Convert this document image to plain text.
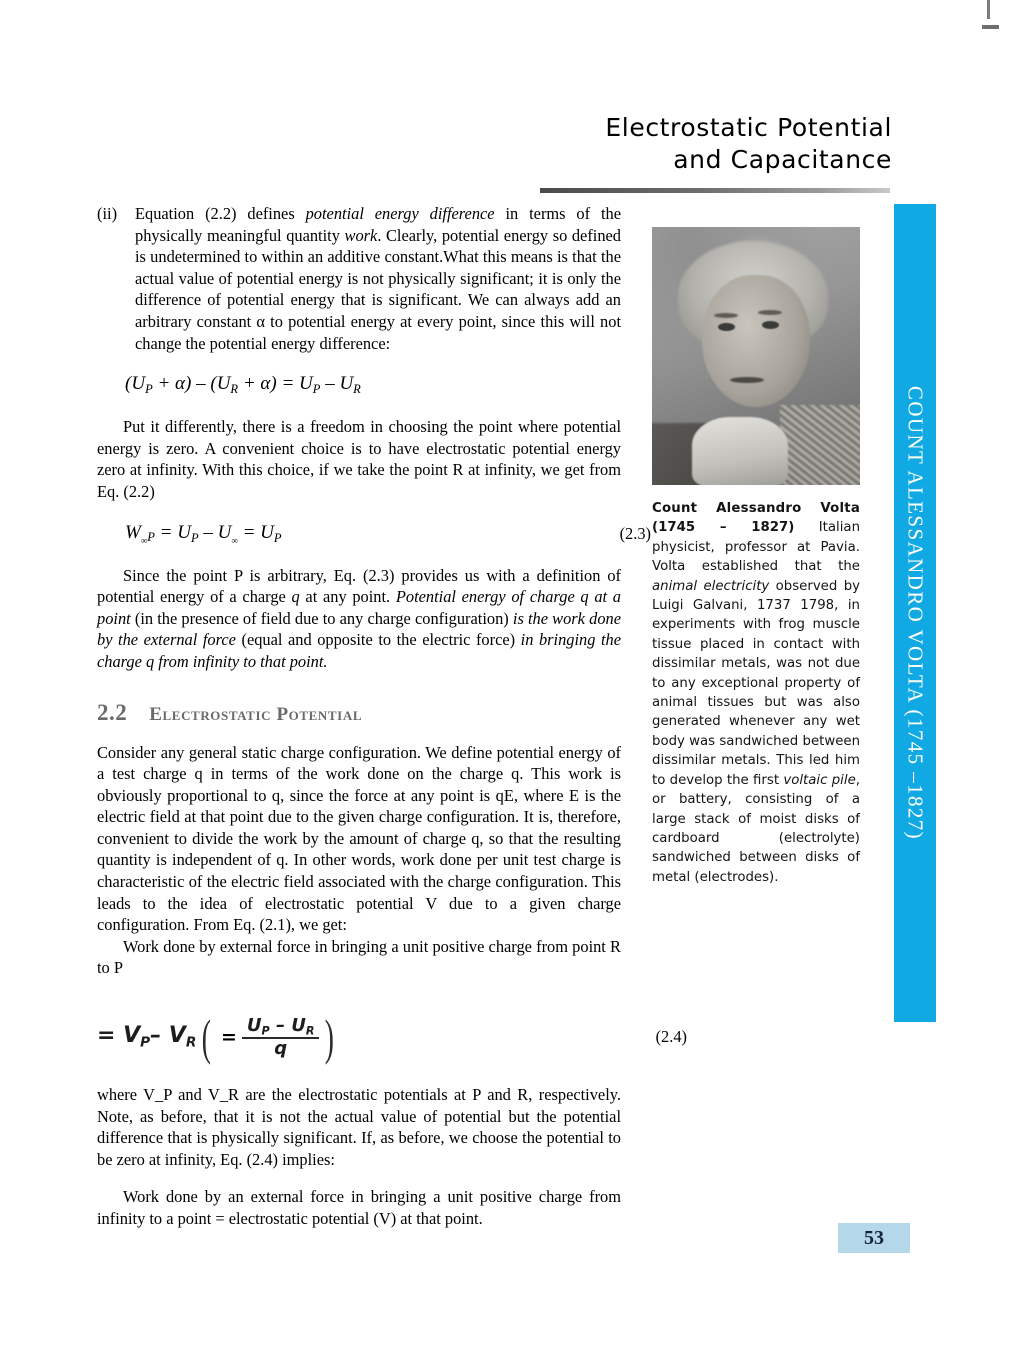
Electrostatic Potential
and Capacitance
(ii)	Equation (2.2) defines potential energy difference in terms of the physically meaningful quantity work. Clearly, potential energy so defined is undetermined to within an additive constant.What this means is that the actual value of potential energy is not physically significant; it is only the difference of potential energy that is significant. We can always add an arbitrary constant α to potential energy at every point, since this will not change the potential energy difference:
$(U_P + \alpha) - (U_R + \alpha) = U_P - U_R$
Put it differently, there is a freedom in choosing the point where potential energy is zero. A convenient choice is to have electrostatic potential energy zero at infinity. With this choice, if we take the point R at infinity, we get from Eq. (2.2)
$W_{\infty P} = U_P - U_\infty = U_P$	(2.3)
Since the point P is arbitrary, Eq. (2.3) provides us with a definition of potential energy of a charge q at any point. Potential energy of charge q at a point (in the presence of field due to any charge configuration) is the work done by the external force (equal and opposite to the electric force) in bringing the charge q from infinity to that point.
2.2 Electrostatic Potential
Consider any general static charge configuration. We define potential energy of a test charge q in terms of the work done on the charge q. This work is obviously proportional to q, since the force at any point is qE, where E is the electric field at that point due to the given charge configuration. It is, therefore, convenient to divide the work by the amount of charge q, so that the resulting quantity is independent of q. In other words, work done per unit test charge is characteristic of the electric field associated with the charge configuration. This leads to the idea of electrostatic potential V due to a given charge configuration. From Eq. (2.1), we get:
Work done by external force in bringing a unit positive charge from point R to P
= $V_P-$ $V_R$ ( = $\frac{U_P - U_R}{q}$ )	(2.4)
where V_P and V_R are the electrostatic potentials at P and R, respectively. Note, as before, that it is not the actual value of potential but the potential difference that is physically significant. If, as before, we choose the potential to be zero at infinity, Eq. (2.4) implies:
Work done by an external force in bringing a unit positive charge from infinity to a point = electrostatic potential (V) at that point.
Count Alessandro Volta (1745 – 1827) Italian physicist, professor at Pavia. Volta established that the animal electricity observed by Luigi Galvani, 1737 1798, in experiments with frog muscle tissue placed in contact with dissimilar metals, was not due to any exceptional property of animal tissues but was also generated whenever any wet body was sandwiched between dissimilar metals. This led him to develop the first voltaic pile, or battery, consisting of a large stack of moist disks of cardboard (electrolyte) sandwiched between disks of metal (electrodes).
COUNT ALESSANDRO VOLTA (1745 –1827)
53
